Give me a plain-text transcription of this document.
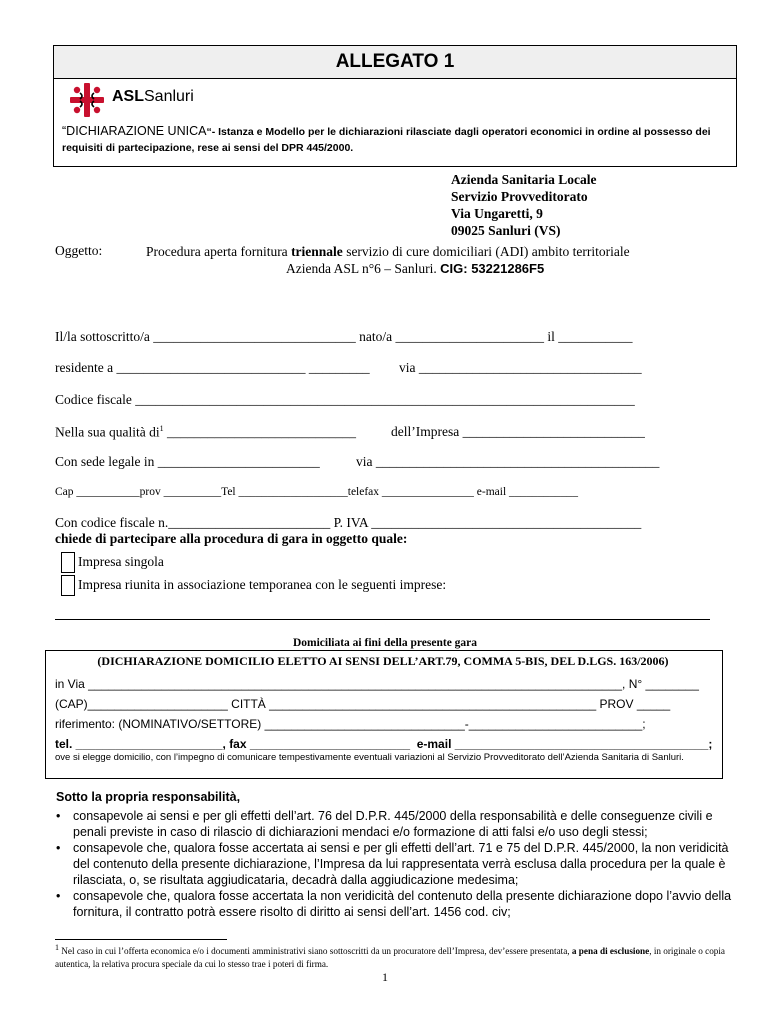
ALLEGATO 1
ASLSanluri
“DICHIARAZIONE UNICA“- Istanza e Modello per le dichiarazioni rilasciate dagli operatori economici in ordine al possesso dei requisiti di partecipazione, rese ai sensi del DPR 445/2000.
Azienda Sanitaria Locale
Servizio Provveditorato
Via Ungaretti, 9
09025 Sanluri (VS)
Oggetto:	Procedura aperta fornitura triennale servizio di cure domiciliari (ADI) ambito territoriale
Azienda ASL n°6 – Sanluri. CIG: 53221286F5
Il/la sottoscritto/a ______________________________ nato/a ______________________ il ___________
residente a ____________________________ _________ via _________________________________
Codice fiscale __________________________________________________________________________
Nella sua qualità $di^1$ ____________________________	dell’Impresa ___________________________
Con sede legale in ________________________	via __________________________________________
Cap ___________prov __________Tel ___________________telefax ________________ e-mail ____________
Con codice fiscale n.________________________ P. IVA ________________________________________
chiede di partecipare alla procedura di gara in oggetto quale:
Impresa singola
Impresa riunita in associazione temporanea con le seguenti imprese:
Domiciliata ai fini della presente gara
(DICHIARAZIONE DOMICILIO ELETTO AI SENSI DELL’ART.79, COMMA 5-BIS, DEL D.LGS. 163/2006)
in Via ________________________________________________________________________________, N° ________
(CAP)_____________________ CITTÀ _________________________________________________ PROV _____
riferimento: (NOMINATIVO/SETTORE) ______________________________-__________________________;
tel. ______________________, fax ________________________ e-mail ______________________________________;
ove si elegge domicilio, con l’impegno di comunicare tempestivamente eventuali variazioni al Servizio Provveditorato dell’Azienda Sanitaria di Sanluri.
Sotto la propria responsabilità,
• consapevole ai sensi e per gli effetti dell’art. 76 del D.P.R. 445/2000 della responsabilità e delle conseguenze civili e penali previste in caso di rilascio di dichiarazioni mendaci e/o formazione di atti falsi e/o uso degli stessi;
• consapevole che, qualora fosse accertata ai sensi e per gli effetti dell’art. 71 e 75 del D.P.R. 445/2000, la non veridicità del contenuto della presente dichiarazione, l’Impresa da lui rappresentata verrà esclusa dalla procedura per la quale è rilasciata, o, se risultata aggiudicataria, decadrà dalla aggiudicazione medesima;
• consapevole che, qualora fosse accertata la non veridicità del contenuto della presente dichiarazione dopo l’avvio della fornitura, il contratto potrà essere risolto di diritto ai sensi dell’art. 1456 cod. civ;
$^1$ Nel caso in cui l’offerta economica e/o i documenti amministrativi siano sottoscritti da un procuratore dell’Impresa, dev’essere presentata, a pena di esclusione, in originale o copia autentica, la relativa procura speciale da cui lo stesso trae i poteri di firma.
1
